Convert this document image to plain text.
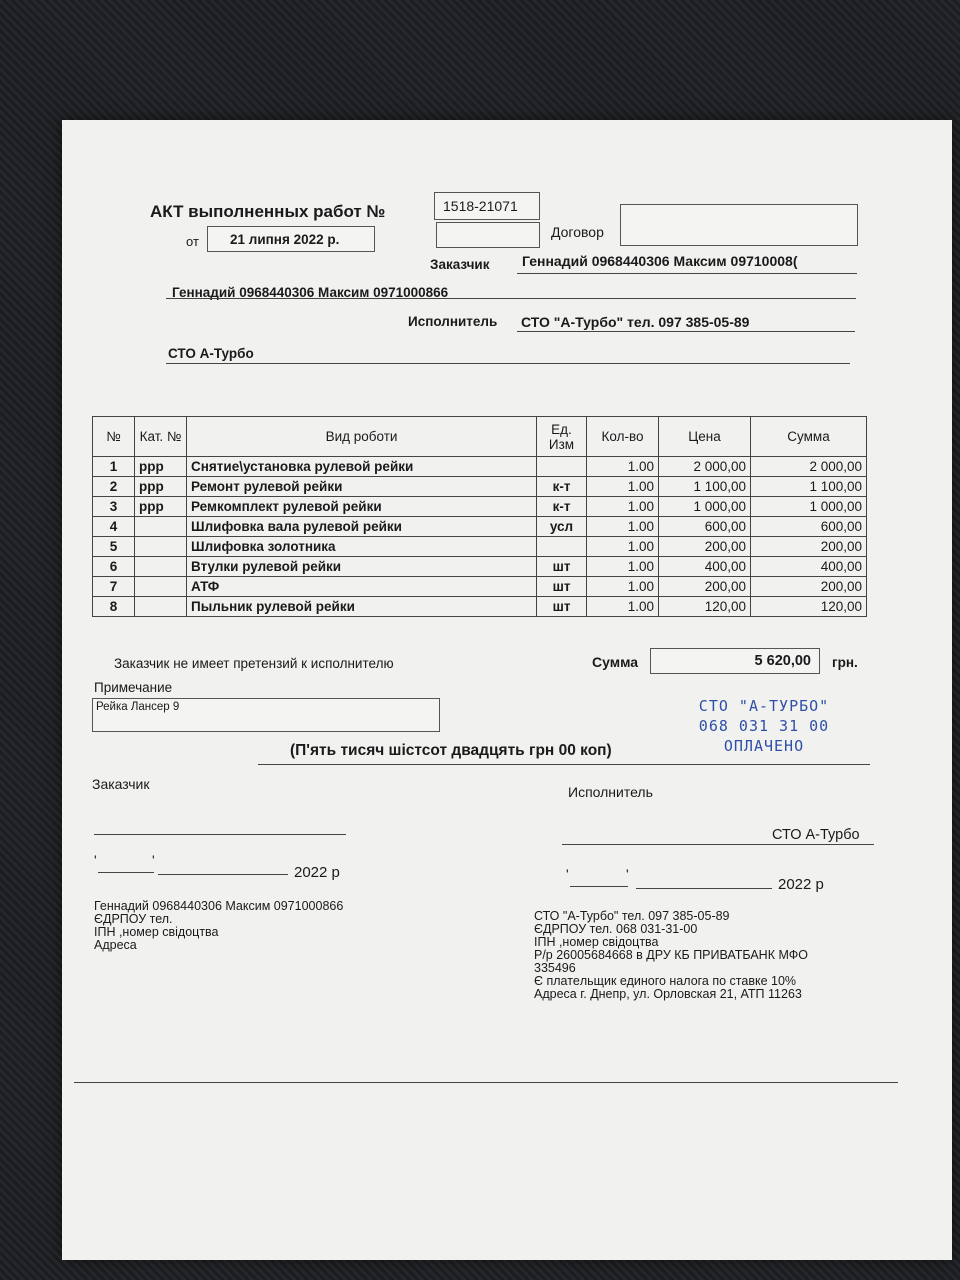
АКТ выполненных работ №	1518-21071
от 21 липня 2022 р.	Договор
Заказчик Геннадий 0968440306 Максим 09710008(
Геннадий 0968440306 Максим 0971000866
Исполнитель СТО "А-Турбо" тел. 097 385-05-89
СТО А-Турбо
№	Кат. №	Вид роботи	Ед. Изм	Кол-во	Цена	Сумма
1	ppp	Снятие\установка рулевой рейки		1.00	2 000,00	2 000,00
2	ppp	Ремонт рулевой рейки	к-т	1.00	1 100,00	1 100,00
3	ppp	Ремкомплект рулевой рейки	к-т	1.00	1 000,00	1 000,00
4		Шлифовка вала рулевой рейки	усл	1.00	600,00	600,00
5		Шлифовка золотника		1.00	200,00	200,00
6		Втулки рулевой рейки	шт	1.00	400,00	400,00
7		АТФ	шт	1.00	200,00	200,00
8		Пыльник рулевой рейки	шт	1.00	120,00	120,00
Заказчик не имеет претензий к исполнителю	Сумма	5 620,00 грн.
Примечание
Рейка Лансер 9	СТО "А-ТУРБО"
068 031 31 00
ОПЛАЧЕНО
(П'ять тисяч шістсот двадцять грн 00 коп)
Заказчик	Исполнитель
СТО А-Турбо
'	'
2022 р	'	'
2022 р
Геннадий 0968440306 Максим 0971000866
ЄДРПОУ тел.
ІПН ,номер свідоцтва
Адреса
СТО "А-Турбо" тел. 097 385-05-89
ЄДРПОУ тел. 068 031-31-00
ІПН ,номер свідоцтва
Р/р 26005684668 в ДРУ КБ ПРИВАТБАНК МФО
335496
Є платeльщик единого налога по ставке 10%
Адреса г. Днепр, ул. Орловская 21, АТП 11263
